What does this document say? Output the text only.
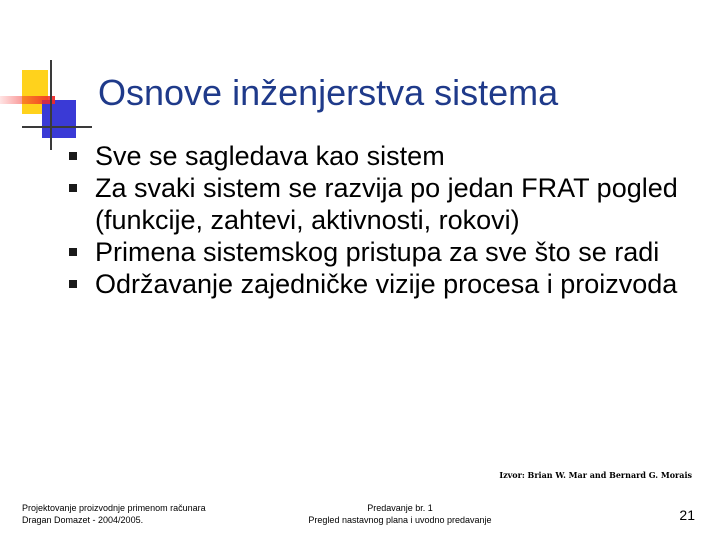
Osnove inženjerstva sistema
Sve se sagledava kao sistem
Za svaki sistem se razvija po jedan FRAT pogled (funkcije, zahtevi, aktivnosti, rokovi)
Primena sistemskog pristupa za sve što se radi
Održavanje zajedničke vizije procesa i proizvoda
Izvor: Brian W. Mar and Bernard G. Morais
Projektovanje proizvodnje primenom računara
Dragan Domazet - 2004/2005.
Predavanje br. 1
Pregled nastavnog plana i uvodno predavanje	21
